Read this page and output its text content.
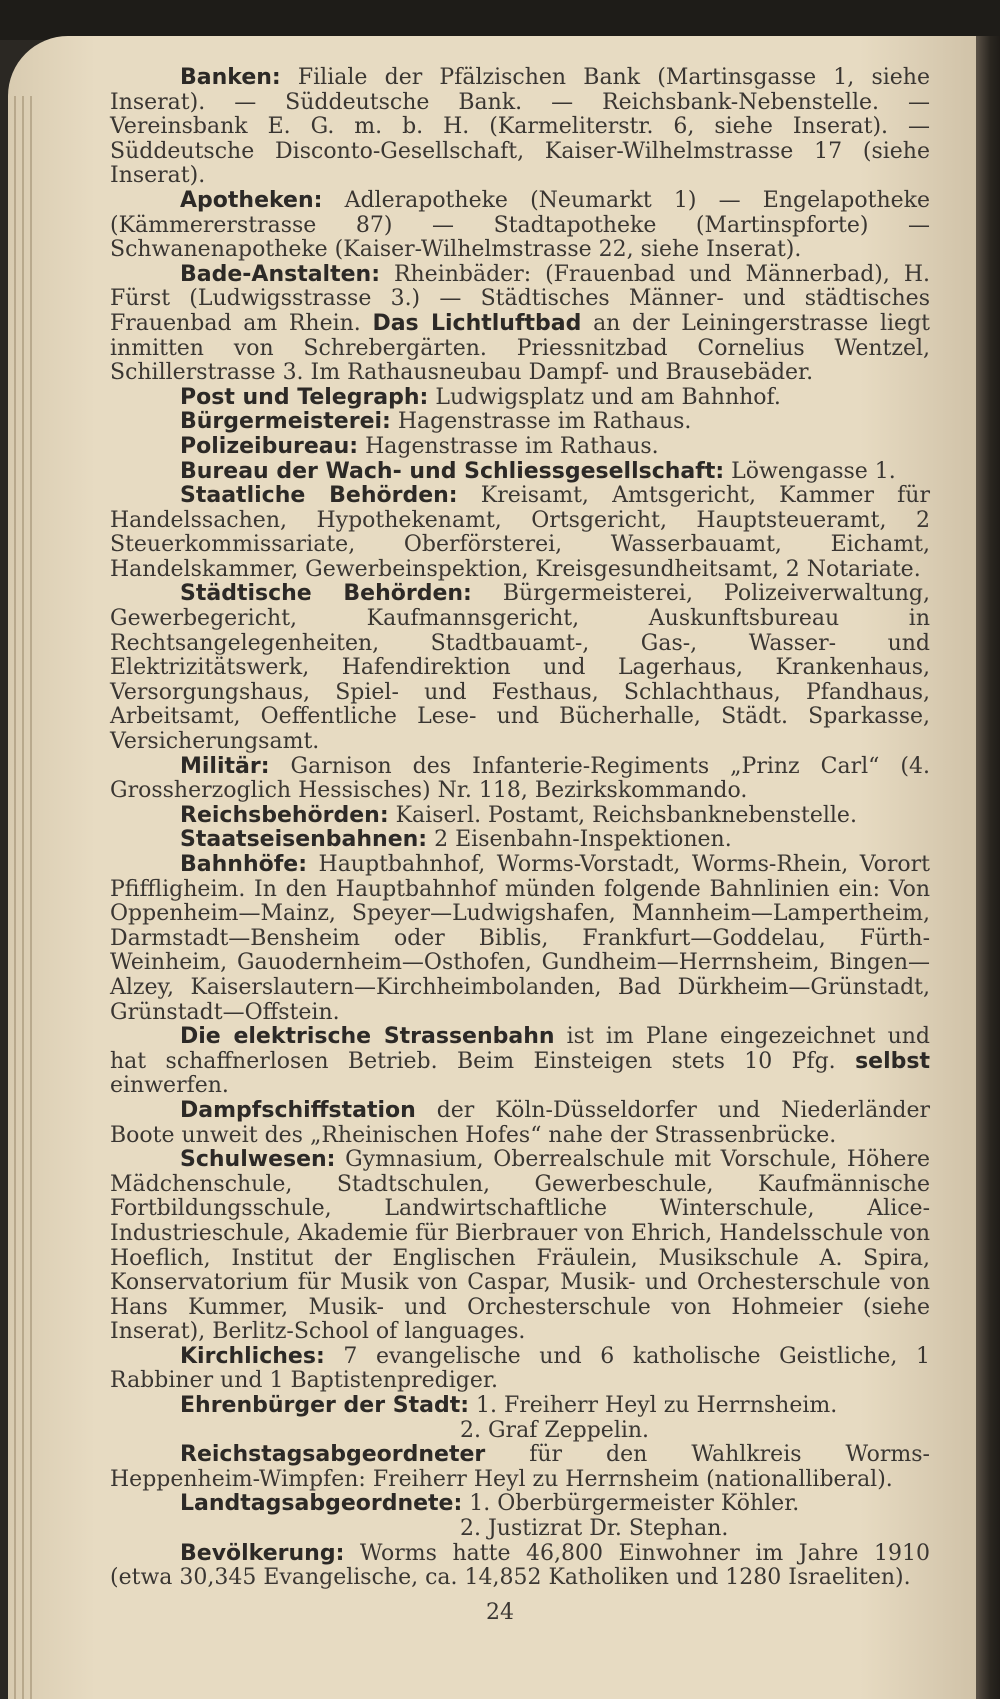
Banken: Filiale der Pfälzischen Bank (Martinsgasse 1, siehe Inserat). — Süddeutsche Bank. — Reichsbank-Nebenstelle. — Vereinsbank E. G. m. b. H. (Karmeliterstr. 6, siehe Inserat). — Süddeutsche Disconto-Gesellschaft, Kaiser-Wilhelmstrasse 17 (siehe Inserat).

Apotheken: Adlerapotheke (Neumarkt 1) — Engelapotheke (Kämmererstrasse 87) — Stadtapotheke (Martinspforte) — Schwanenapotheke (Kaiser-Wilhelmstrasse 22, siehe Inserat).

Bade-Anstalten: Rheinbäder: (Frauenbad und Männerbad), H. Fürst (Ludwigsstrasse 3.) — Städtisches Männer- und städtisches Frauenbad am Rhein. Das Lichtluftbad an der Leiningerstrasse liegt inmitten von Schrebergärten. Priessnitzbad Cornelius Wentzel, Schillerstrasse 3. Im Rathausneubau Dampf- und Brausebäder.

Post und Telegraph: Ludwigsplatz und am Bahnhof.

Bürgermeisterei: Hagenstrasse im Rathaus.

Polizeibureau: Hagenstrasse im Rathaus.

Bureau der Wach- und Schliessgesellschaft: Löwengasse 1.

Staatliche Behörden: Kreisamt, Amtsgericht, Kammer für Handelssachen, Hypothekenamt, Ortsgericht, Hauptsteueramt, 2 Steuerkommissariate, Oberförsterei, Wasserbauamt, Eichamt, Handelskammer, Gewerbeinspektion, Kreisgesundheitsamt, 2 Notariate.

Städtische Behörden: Bürgermeisterei, Polizeiverwaltung, Gewerbegericht, Kaufmannsgericht, Auskunftsbureau in Rechtsangelegenheiten, Stadtbauamt-, Gas-, Wasser- und Elektrizitätswerk, Hafendirektion und Lagerhaus, Krankenhaus, Versorgungshaus, Spiel- und Festhaus, Schlachthaus, Pfandhaus, Arbeitsamt, Oeffentliche Lese- und Bücherhalle, Städt. Sparkasse, Versicherungsamt.

Militär: Garnison des Infanterie-Regiments „Prinz Carl“ (4. Grossherzoglich Hessisches) Nr. 118, Bezirkskommando.

Reichsbehörden: Kaiserl. Postamt, Reichsbanknebenstelle.

Staatseisenbahnen: 2 Eisenbahn-Inspektionen.

Bahnhöfe: Hauptbahnhof, Worms-Vorstadt, Worms-Rhein, Vorort Pfiffligheim. In den Hauptbahnhof münden folgende Bahnlinien ein: Von Oppenheim—Mainz, Speyer—Ludwigshafen, Mannheim—Lampertheim, Darmstadt—Bensheim oder Biblis, Frankfurt—Goddelau, Fürth-Weinheim, Gauodernheim—Osthofen, Gundheim—Herrnsheim, Bingen—Alzey, Kaiserslautern—Kirchheimbolanden, Bad Dürkheim—Grünstadt, Grünstadt—Offstein.

Die elektrische Strassenbahn ist im Plane eingezeichnet und hat schaffnerlosen Betrieb. Beim Einsteigen stets 10 Pfg. selbst einwerfen.

Dampfschiffstation der Köln-Düsseldorfer und Niederländer Boote unweit des „Rheinischen Hofes“ nahe der Strassenbrücke.

Schulwesen: Gymnasium, Oberrealschule mit Vorschule, Höhere Mädchenschule, Stadtschulen, Gewerbeschule, Kaufmännische Fortbildungsschule, Landwirtschaftliche Winterschule, Alice-Industrieschule, Akademie für Bierbrauer von Ehrich, Handelsschule von Hoeflich, Institut der Englischen Fräulein, Musikschule A. Spira, Konservatorium für Musik von Caspar, Musik- und Orchesterschule von Hans Kummer, Musik- und Orchesterschule von Hohmeier (siehe Inserat), Berlitz-School of languages.

Kirchliches: 7 evangelische und 6 katholische Geistliche, 1 Rabbiner und 1 Baptistenprediger.

Ehrenbürger der Stadt: 1. Freiherr Heyl zu Herrnsheim.

2. Graf Zeppelin.

Reichstagsabgeordneter für den Wahlkreis Worms-Heppenheim-Wimpfen: Freiherr Heyl zu Herrnsheim (nationalliberal).

Landtagsabgeordnete: 1. Oberbürgermeister Köhler.

2. Justizrat Dr. Stephan.

Bevölkerung: Worms hatte 46,800 Einwohner im Jahre 1910 (etwa 30,345 Evangelische, ca. 14,852 Katholiken und 1280 Israeliten).

24
